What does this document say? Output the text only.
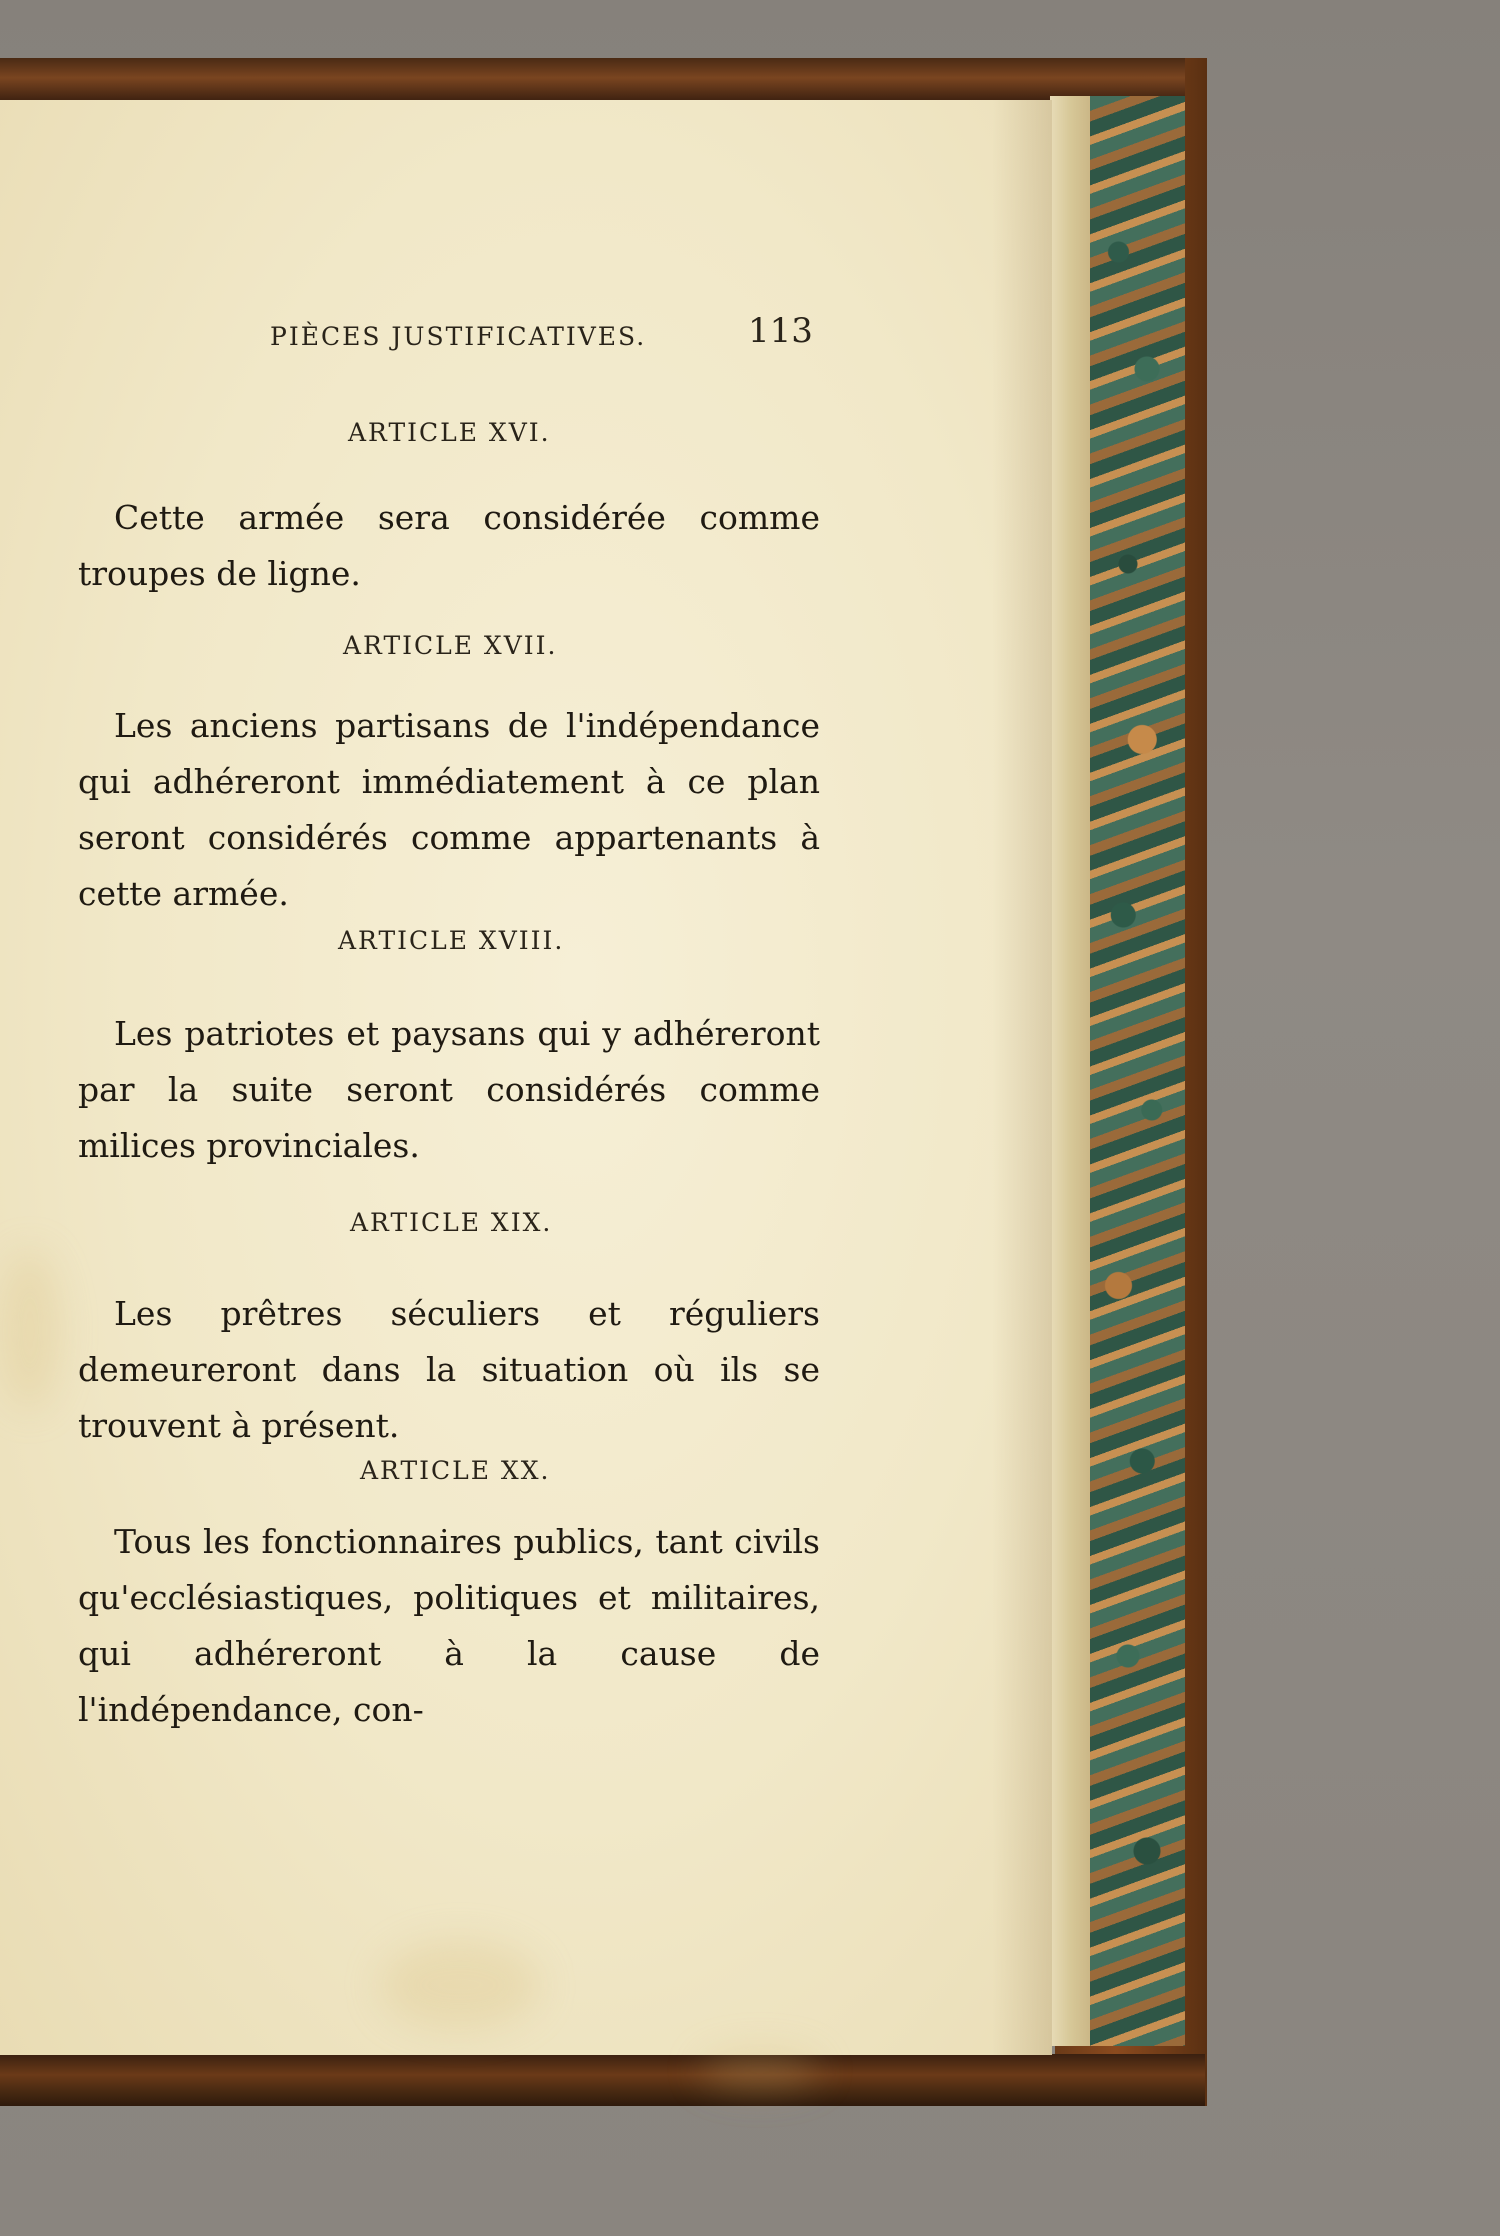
PIÈCES JUSTIFICATIVES.	113
ARTICLE XVI.
Cette armée sera considérée comme troupes de ligne.
ARTICLE XVII.
Les anciens partisans de l'indépendance qui adhéreront immédiatement à ce plan seront considérés comme appartenants à cette armée.
ARTICLE XVIII.
Les patriotes et paysans qui y adhéreront par la suite seront considérés comme milices provinciales.
ARTICLE XIX.
Les prêtres séculiers et réguliers demeureront dans la situation où ils se trouvent à présent.
ARTICLE XX.
Tous les fonctionnaires publics, tant civils qu'ecclésiastiques, politiques et militaires, qui adhéreront à la cause de l'indépendance, con-
